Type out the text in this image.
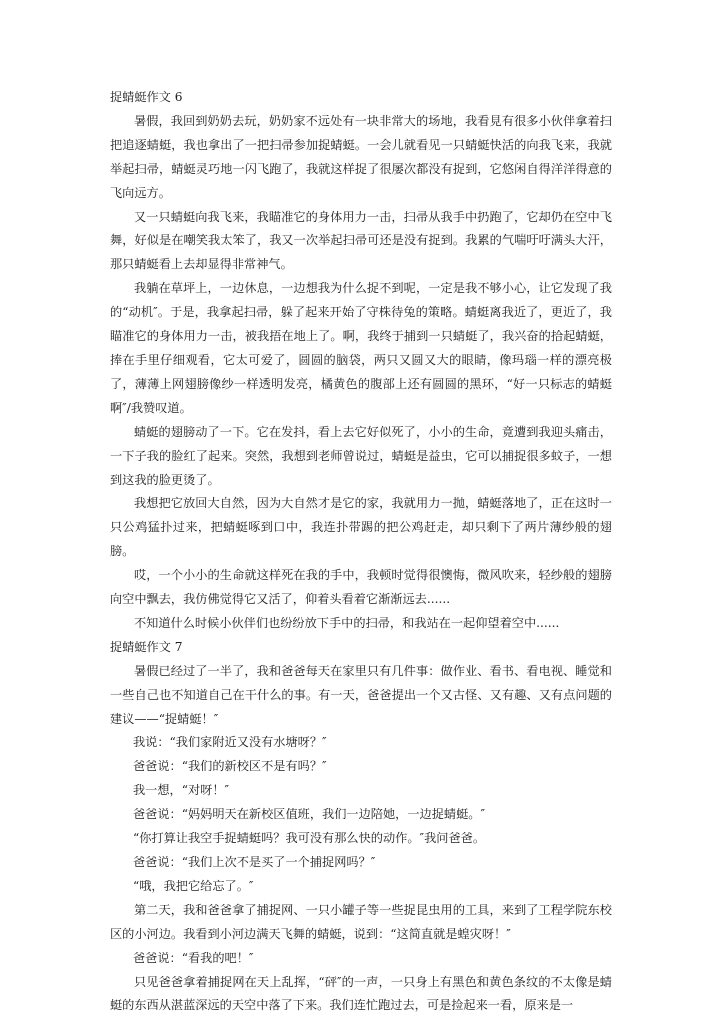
捉蜻蜓作文 6

暑假，我回到奶奶去玩，奶奶家不远处有一块非常大的场地，我看見有很多小伙伴拿着扫把追逐蜻蜓，我也拿出了一把扫帚参加捉蜻蜓。一会儿就看见一只蜻蜓快活的向我飞来，我就举起扫帚，蜻蜓灵巧地一闪飞跑了，我就这样捉了很屡次都没有捉到，它悠闲自得洋洋得意的飞向远方。

又一只蜻蜓向我飞来，我瞄准它的身体用力一击，扫帚从我手中扔跑了，它却仍在空中飞舞，好似是在嘲笑我太笨了，我又一次举起扫帚可还是没有捉到。我累的气喘吁吁满头大汗，那只蜻蜓看上去却显得非常神气。

我躺在草坪上，一边休息，一边想我为什么捉不到呢，一定是我不够小心，让它发现了我的“动机″。于是，我拿起扫帚，躲了起来开始了守株待兔的策略。蜻蜓离我近了，更近了，我瞄准它的身体用力一击，被我捂在地上了。啊，我终于捕到一只蜻蜓了，我兴奋的拾起蜻蜓，捧在手里仔细观看，它太可爱了，圆圆的脑袋，两只又圆又大的眼睛，像玛瑙一样的漂亮极了，薄薄上网翅膀像纱一样透明发亮，橘黄色的腹部上还有圆圆的黑环，“好一只标志的蜻蜓啊″/我赞叹道。

蜻蜓的翅膀动了一下。它在发抖，看上去它好似死了，小小的生命，竟遭到我迎头痛击，一下子我的脸红了起来。突然，我想到老师曾说过，蜻蜓是益虫，它可以捕捉很多蚊子，一想到这我的脸更烫了。

我想把它放回大自然，因为大自然才是它的家，我就用力一抛，蜻蜓落地了，正在这时一只公鸡猛扑过来，把蜻蜓啄到口中，我连扑带踢的把公鸡赶走，却只剩下了两片薄纱般的翅膀。

哎，一个小小的生命就这样死在我的手中，我顿时觉得很懊悔，微风吹来，轻纱般的翅膀向空中飘去，我仿佛觉得它又活了，仰着头看着它渐渐远去......

不知道什么时候小伙伴们也纷纷放下手中的扫帚，和我站在一起仰望着空中......

捉蜻蜓作文 7

暑假已经过了一半了，我和爸爸每天在家里只有几件事：做作业、看书、看电视、睡觉和一些自己也不知道自己在干什么的事。有一天，爸爸提出一个又古怪、又有趣、又有点问题的建议——“捉蜻蜓！″

我说：“我们家附近又没有水塘呀？″

爸爸说：“我们的新校区不是有吗？″

我一想，“对呀！″

爸爸说：“妈妈明天在新校区值班，我们一边陪她，一边捉蜻蜓。″

“你打算让我空手捉蜻蜓吗？我可没有那么快的动作。″我问爸爸。

爸爸说：“我们上次不是买了一个捕捉网吗？″

“哦，我把它给忘了。″

第二天，我和爸爸拿了捕捉网、一只小罐子等一些捉昆虫用的工具，来到了工程学院东校区的小河边。我看到小河边满天飞舞的蜻蜓，说到：“这简直就是蝗灾呀！″

爸爸说：“看我的吧！″

只见爸爸拿着捕捉网在天上乱挥，“砰″的一声，一只身上有黑色和黄色条纹的不太像是蜻蜓的东西从湛蓝深远的天空中落了下来。我们连忙跑过去，可是捡起来一看，原来是一
